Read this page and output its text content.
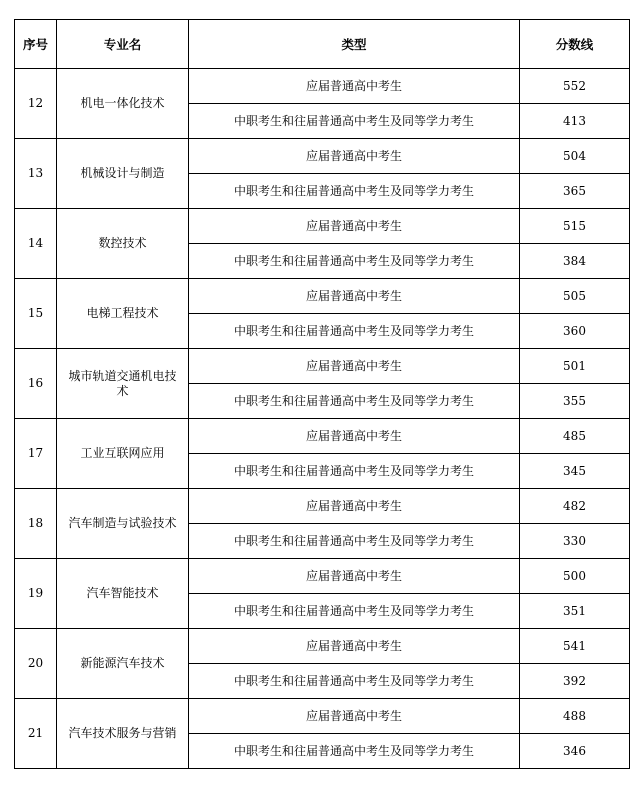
序号	专业名	类型	分数线
12	机电一体化技术	应届普通高中考生	552
		中职考生和往届普通高中考生及同等学力考生	413
13	机械设计与制造	应届普通高中考生	504
		中职考生和往届普通高中考生及同等学力考生	365
14	数控技术	应届普通高中考生	515
		中职考生和往届普通高中考生及同等学力考生	384
15	电梯工程技术	应届普通高中考生	505
		中职考生和往届普通高中考生及同等学力考生	360
16	城市轨道交通机电技术	应届普通高中考生	501
		中职考生和往届普通高中考生及同等学力考生	355
17	工业互联网应用	应届普通高中考生	485
		中职考生和往届普通高中考生及同等学力考生	345
18	汽车制造与试验技术	应届普通高中考生	482
		中职考生和往届普通高中考生及同等学力考生	330
19	汽车智能技术	应届普通高中考生	500
		中职考生和往届普通高中考生及同等学力考生	351
20	新能源汽车技术	应届普通高中考生	541
		中职考生和往届普通高中考生及同等学力考生	392
21	汽车技术服务与营销	应届普通高中考生	488
		中职考生和往届普通高中考生及同等学力考生	346
